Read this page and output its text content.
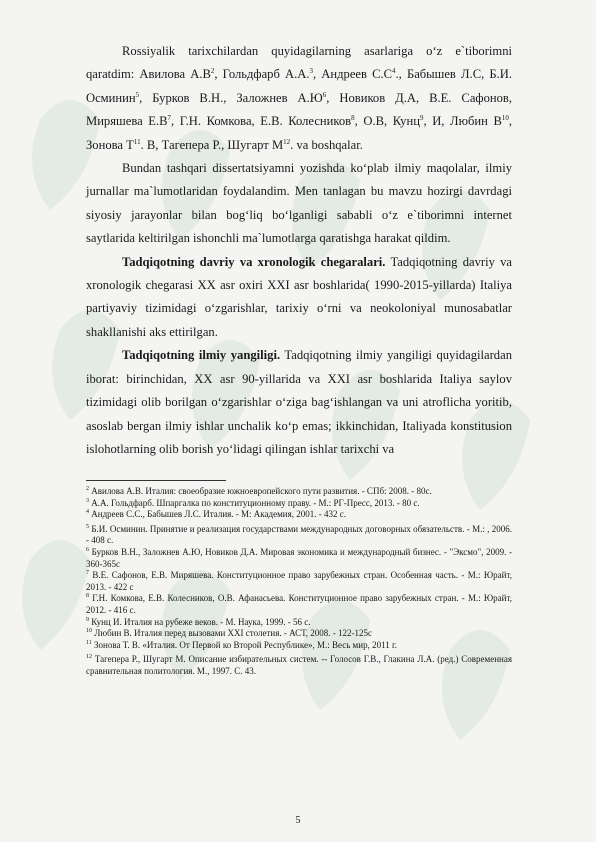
Rossiyalik tarixchilardan quyidagilarning asarlariga o‘z e`tiborimni qaratdim: Авилова $А.В^2$, Гольдфарб А.А.$^3$, Андреев $С.С^4$., Бабышев Л.С, Б.И. Осминин$^5$, Бурков В.Н., Заложнев $А.Ю^6$, Новиков Д.А, В.Е. Сафонов, Миряшева $Е.В^7$, Г.Н. Комкова, Е.В. Колесников$^8$, О.В, Кунц$^9$, И, Любин $В^{10}$, Зонова $Т^{11}$. В, Тагепера Р., Шугарт $М^{12}$. va boshqalar.

Bundan tashqari dissertatsiyamni yozishda ko‘plab ilmiy maqolalar, ilmiy jurnallar ma`lumotlaridan foydalandim. Men tanlagan bu mavzu hozirgi davrdagi siyosiy jarayonlar bilan bog‘liq bo‘lganligi sababli o‘z e`tiborimni internet saytlarida keltirilgan ishonchli ma`lumotlarga qaratishga harakat qildim.

Tadqiqotning davriy va xronologik chegaralari. Tadqiqotning davriy va xronologik chegarasi XX asr oxiri XXI asr boshlarida( 1990-2015-yillarda) Italiya partiyaviy tizimidagi o‘zgarishlar, tarixiy o‘rni va neokoloniyal munosabatlar shakllanishi aks ettirilgan.

Tadqiqotning ilmiy yangiligi. Tadqiqotning ilmiy yangiligi quyidagilardan iborat: birinchidan, XX asr 90-yillarida va XXI asr boshlarida Italiya saylov tizimidagi olib borilgan o‘zgarishlar o‘ziga bag‘ishlangan va uni atroflicha yoritib, asoslab bergan ilmiy ishlar unchalik ko‘p emas; ikkinchidan, Italiyada konstitusion islohotlarning olib borish yo‘lidagi qilingan ishlar tarixchi va

$^2$ Авилова А.В. Италия: своеобразие южноевропейского пути развития. - СПб: 2008. - 80с.

$^3$ А.А. Гольдфарб. Шпаргалка по конституционному праву. - М.: РГ-Пресс, 2013. - 80 с.

$^4$ Андреев С.С., Бабышев Л.С. Италия. - М: Академия, 2001. - 432 с.

$^5$ Б.И. Осминин. Принятие и реализация государствами международных договорных обязательств. - М.: , 2006. - 408 с.

$^6$ Бурков В.Н., Заложнев А.Ю, Новиков Д.А. Мировая экономика и международный бизнес. - "Эксмо", 2009. - 360-365с

$^7$ В.Е. Сафонов, Е.В. Миряшева. Конституционное право зарубежных стран. Особенная часть. - М.: Юрайт, 2013. - 422 с

$^8$ Г.Н. Комкова, Е.В. Колесников, О.В. Афанасьева. Конституционное право зарубежных стран. - М.: Юрайт, 2012. - 416 с.

$^9$ Кунц И. Италия на рубеже веков. - М. Наука, 1999. - 56 с.

$^{10}$ Любин В. Италия перед вызовами XXI столетия. - АСТ, 2008. - 122-125с

$^{11}$ Зонова Т. В. «Италия. От Первой ко Второй Республике», М.: Весь мир, 2011 г.

$^{12}$ Тагепера Р., Шугарт М. Описание избирательных систем. -- Голосов Г.В., Глакина Л.А. (ред.) Современная сравнительная политология. М., 1997. С. 43.

5
